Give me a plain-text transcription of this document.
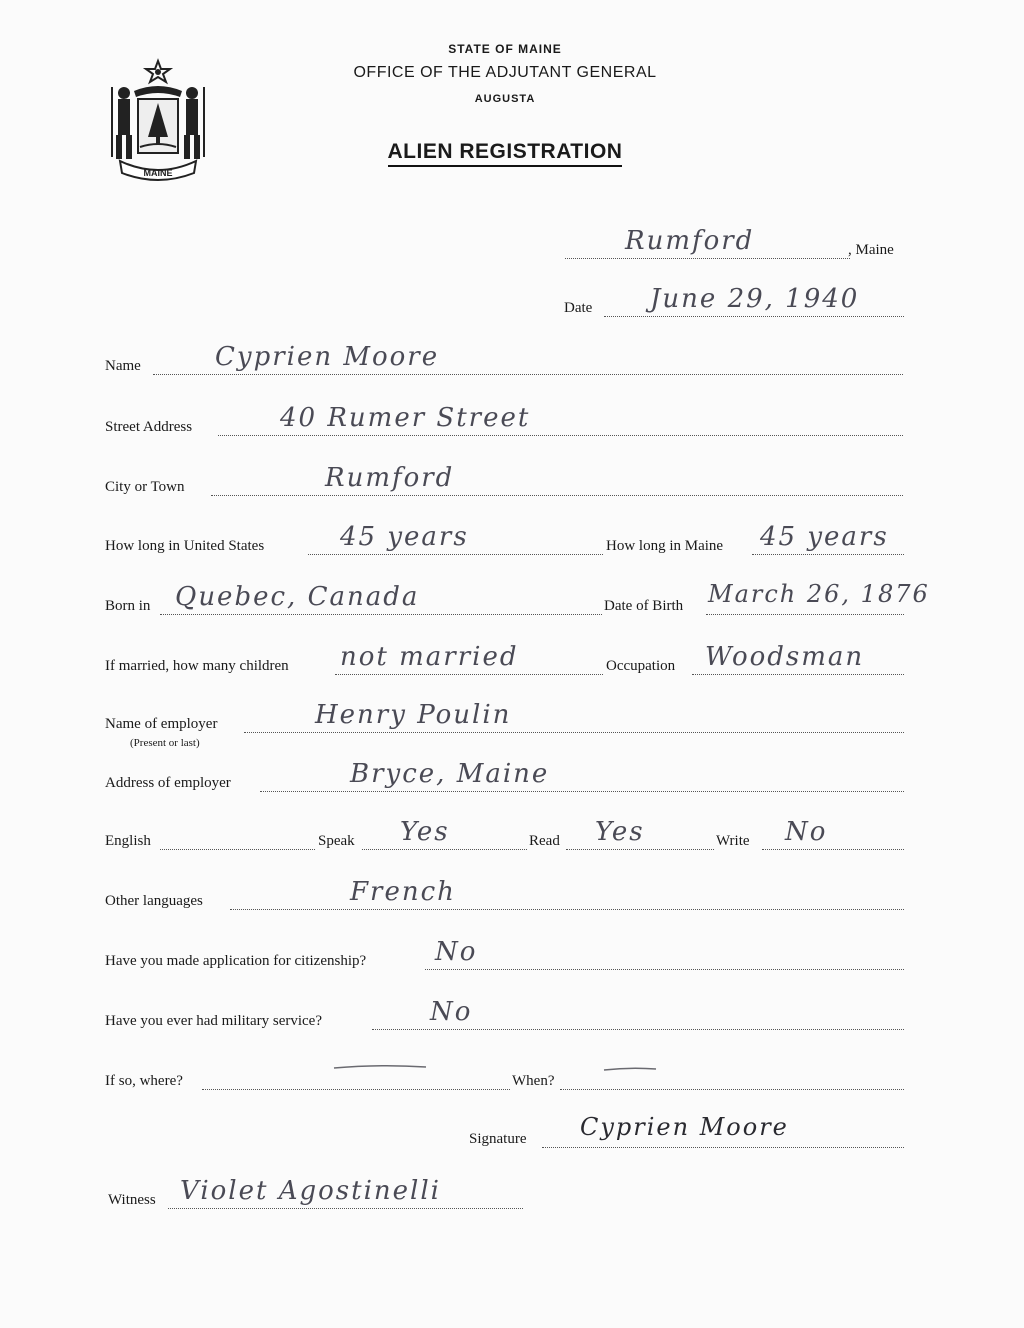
MAINE
STATE OF MAINE
OFFICE OF THE ADJUTANT GENERAL
AUGUSTA
ALIEN REGISTRATION
Rumford	, Maine
Date June 29, 1940
Name	Cyprien Moore
Street Address	40 Rumer Street
City or Town	Rumford
How long in United States	45 years	How long in Maine 45 years
Born in Quebec, Canada	Date of Birth March 26, 1876
If married, how many children not married	Occupation Woodsman
Name of employer
(Present or last)
Henry Poulin
Address of employer	Bryce, Maine
English	Speak Yes	Read Yes	Write No
Other languages	French
Have you made application for citizenship?	No
Have you ever had military service?	No
If so, where?	When?
Signature Cyprien Moore
Witness Violet Agostinelli
